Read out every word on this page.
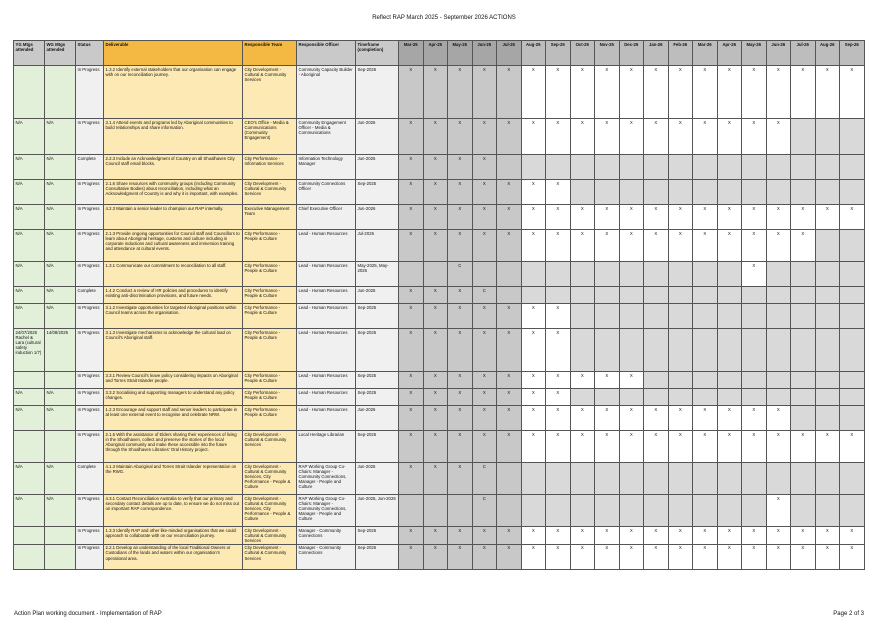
Reflect RAP March 2025 - September 2026 ACTIONS
YG Mtgs attended	WG Mtgs attended	Status	Deliverable	Responsible Team	Responsible Officer	Timeframe (completion)	Mar-25	Apr-25	May-25	Jun-25	Jul-25	Aug-25	Sep-25	Oct-25	Nov-25	Dec-25	Jan-26	Feb-26	Mar-26	Apr-26	May-26	Jun-26	Jul-26	Aug-26	Sep-26
		In Progress	1.3.2 Identify external stakeholders that our organisation can engage with on our reconciliation journey.	City Development - Cultural & Community Services	Community Capacity Builder - Aboriginal	Sep-2026	X	X	X	X	X	X	X	X	X	X	X	X	X	X	X	X	X	X	X
N/A	N/A	In Progress	3.1.4 Attend events and programs led by Aboriginal communities to build relationships and share information.	CEO's Office - Media & Communications (Community Engagement)	Community Engagement Officer - Media & Communications	Jun-2026	X	X	X	X	X	X	X	X	X	X	X	X	X	X	X	X			
N/A	N/A	Complete	2.2.3 Include an Acknowledgment of Country on all Shoalhaven City Council staff email blocks.	City Performance - Information Services	Information Technology Manager	Jun-2025	X	X	X	X															
N/A	N/A	In Progress	2.1.6 Share resources with community groups (including Community Consultative Bodies) about reconciliation, including what an Acknowledgment of Country is and why it is important, with examples.	City Development - Cultural & Community Services	Community Connections Officer	Sep-2025	X	X	X	X	X	X	X												
N/A	N/A	In Progress	4.2.3 Maintain a senior leader to champion our RAP internally.	Executive Management Team	Chief Executive Officer	Jun-2026	X	X	X	X	X	X	X	X	X	X	X	X	X	X	X	X	X	X	X
N/A	N/A	In Progress	2.1.3 Provide ongoing opportunities for Council staff and Councillors to learn about Aboriginal heritage, customs and culture including in corporate inductions and cultural awareness and immersion training and attendance at cultural events.	City Performance - People & Culture	Lead - Human Resources	Jul-2026	X	X	X	X	X	X	X	X	X	X	X	X	X	X	X	X	X		
N/A	N/A	In Progress	1.3.1 Communicate our commitment to reconciliation to all staff.	City Performance - People & Culture	Lead - Human Resources	May-2025, May-2026			C												X				
N/A	N/A	Complete	1.4.2 Conduct a review of HR policies and procedures to identify existing anti-discrimination provisions, and future needs.	City Performance - People & Culture	Lead - Human Resources	Jun-2025	X	X	X	C															
N/A	N/A	In Progress	3.1.2 Investigate opportunities for targeted Aboriginal positions within Council teams across the organisation.	City Performance - People & Culture	Lead - Human Resources	Sep-2025	X	X	X	X	X	X	X												
24/07/2025 Rachel & Lara (cultural safety induction 1/7)	14/08/2025	In Progress	3.1.3 Investigate mechanisms to acknowledge the cultural load on Council's Aboriginal staff.	City Performance - People & Culture	Lead - Human Resources	Sep-2025	X	X	X	X	X	X	X												
		In Progress	3.3.1 Review Council's leave policy considering impacts on Aboriginal and Torres Strait Islander people.	City Performance - People & Culture	Lead - Human Resources	Sep-2025	X	X	X	X	X	X	X	X	X	X									
N/A	N/A	In Progress	3.3.2 Socialising and supporting managers to understand any policy changes.	City Performance - People & Culture	Lead - Human Resources	Sep-2025	X	X	X	X	X	X	X												
N/A	N/A	In Progress	1.2.3 Encourage and support staff and senior leaders to participate in at least one external event to recognise and celebrate NRW.	City Performance - People & Culture	Lead - Human Resources	Jun-2026	X	X	X	X	X	X	X	X	X	X	X	X	X	X	X	X			
		In Progress	2.1.5 With the assistance of Elders sharing their experiences of living in the Shoalhaven, collect and preserve the stories of the local Aboriginal community and make these accessible into the future through the Shoalhaven Libraries' Oral History project.	City Development - Cultural & Community Services	Local Heritage Librarian	Sep-2026	X	X	X	X	X	X	X	X	X	X	X	X	X	X	X	X	X	X	X
N/A	N/A	Complete	4.1.3 Maintain Aboriginal and Torres Strait Islander representation on the RWG.	City Development - Cultural & Community Services, City Performance - People & Culture	RAP Working Group Co-Chairs: Manager - Community Connections, Manager - People and Culture	Jun-2025	X	X	X	C															
N/A	N/A	In Progress	4.3.1 Contact Reconciliation Australia to verify that our primary and secondary contact details are up to date, to ensure we do not miss out on important RAP correspondence.	City Development - Cultural & Community Services, City Performance - People & Culture	RAP Working Group Co-Chairs: Manager - Community Connections, Manager - People and Culture	Jun-2025, Jun-2026				C												X			
		In Progress	1.3.3 Identify RAP and other like-minded organisations that we could approach to collaborate with on our reconciliation journey.	City Development - Cultural & Community Services	Manager - Community Connections	Sep-2026	X	X	X	X	X	X	X	X	X	X	X	X	X	X	X	X	X	X	X
		In Progress	2.2.1 Develop an understanding of the local Traditional Owners or Custodians of the lands and waters within our organisation's operational area.	City Development - Cultural & Community Services	Manager - Community Connections	Sep-2026	X	X	X	X	X	X	X	X	X	X	X	X	X	X	X	X	X	X	X
Action Plan working document - Implementation of RAP	Page 2 of 3
